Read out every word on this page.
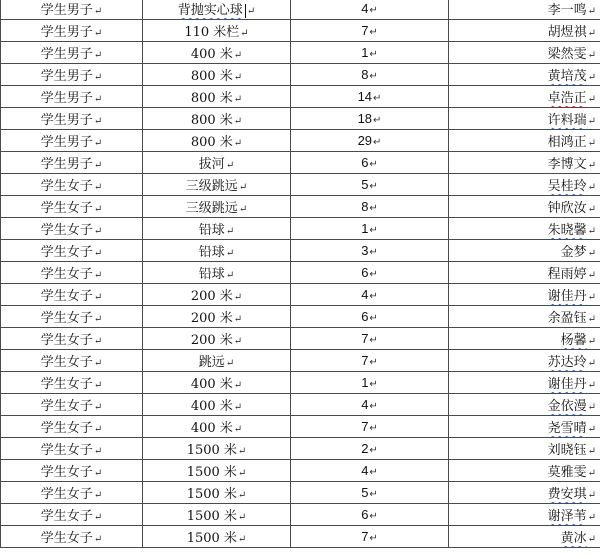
学生男子↵	背抛实心球 ↵	4↵	李一鸣↵
学生男子↵	110 米栏↵	7↵	胡煜祺↵
学生男子↵	400 米↵	1↵	梁然雯↵
学生男子↵	800 米↵	8↵	黄培茂↵
学生男子↵	800 米↵	14↵	卓浩正↵
学生男子↵	800 米↵	18↵	许料瑞↵
学生男子↵	800 米↵	29↵	相鸿正↵
学生男子↵	拔河↵	6↵	李博文↵
学生女子↵	三级跳远↵	5↵	吴桂玲↵
学生女子↵	三级跳远↵	8↵	钟欣汝↵
学生女子↵	铅球↵	1↵	朱晓馨↵
学生女子↵	铅球↵	3↵	金梦↵
学生女子↵	铅球↵	6↵	程雨婷↵
学生女子↵	200 米↵	4↵	谢佳丹↵
学生女子↵	200 米↵	6↵	余盈钰↵
学生女子↵	200 米↵	7↵	杨馨↵
学生女子↵	跳远↵	7↵	苏达玲↵
学生女子↵	400 米↵	1↵	谢佳丹↵
学生女子↵	400 米↵	4↵	金依漫↵
学生女子↵	400 米↵	7↵	尧雪晴↵
学生女子↵	1500 米↵	2↵	刘晓钰↵
学生女子↵	1500 米↵	4↵	莫雅雯↵
学生女子↵	1500 米↵	5↵	费安琪↵
学生女子↵	1500 米↵	6↵	谢泽苇↵
学生女子↵	1500 米↵	7↵	黄冰↵
